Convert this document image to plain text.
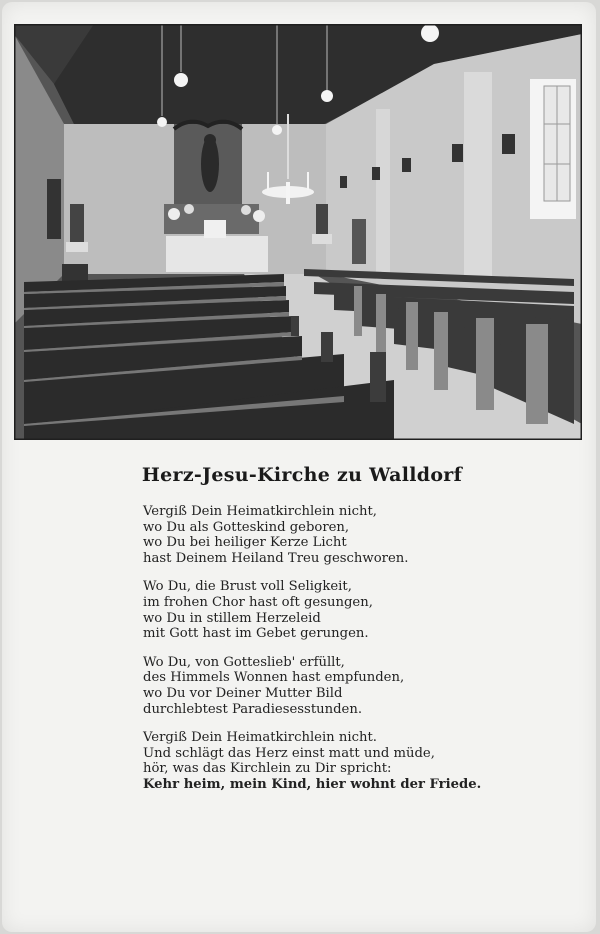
Herz-Jesu-Kirche zu Walldorf
Vergiß Dein Heimatkirchlein nicht,
wo Du als Gotteskind geboren,
wo Du bei heiliger Kerze Licht
hast Deinem Heiland Treu geschworen.
Wo Du, die Brust voll Seligkeit,
im frohen Chor hast oft gesungen,
wo Du in stillem Herzeleid
mit Gott hast im Gebet gerungen.
Wo Du, von Gotteslieb' erfüllt,
des Himmels Wonnen hast empfunden,
wo Du vor Deiner Mutter Bild
durchlebtest Paradiesesstunden.
Vergiß Dein Heimatkirchlein nicht.
Und schlägt das Herz einst matt und müde,
hör, was das Kirchlein zu Dir spricht:
Kehr heim, mein Kind, hier wohnt der Friede.
